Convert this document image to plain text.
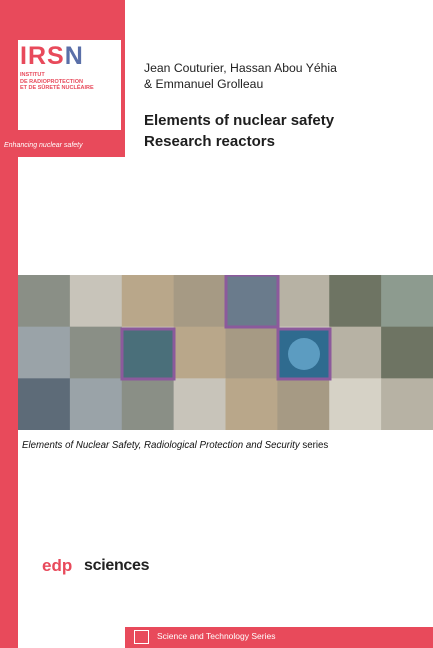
IRSN
INSTITUT
DE RADIOPROTECTION
ET DE SÛRETÉ NUCLÉAIRE
Enhancing nuclear safety
Jean Couturier, Hassan Abou Yéhia
& Emmanuel Grolleau
Elements of nuclear safety
Research reactors
Elements of Nuclear Safety, Radiological Protection and Security series
edp sciences
Science and Technology Series
